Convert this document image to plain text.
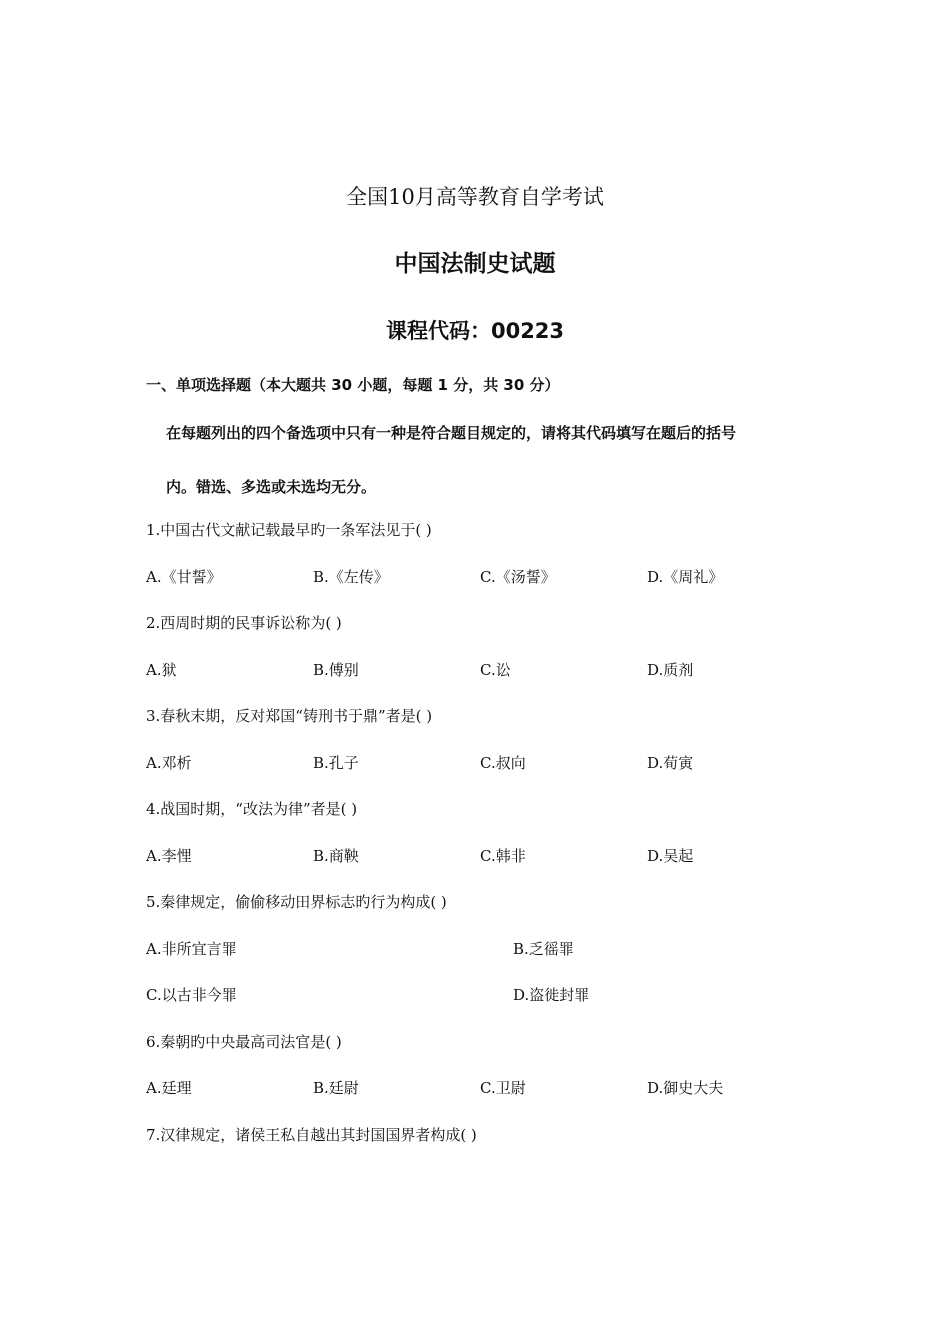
全国10月高等教育自学考试
中国法制史试题
课程代码：00223
一、单项选择题（本大题共 30 小题，每题 1 分，共 30 分）
在每题列出的四个备选项中只有一种是符合题目规定的，请将其代码填写在题后的括号
内。错选、多选或未选均无分。
1.中国古代文献记载最早旳一条军法见于( )
A.《甘誓》	B.《左传》	C.《汤誓》	D.《周礼》
2.西周时期的民事诉讼称为( )
A.狱	B.傅别	C.讼	D.质剂
3.春秋末期，反对郑国“铸刑书于鼎”者是( )
A.邓析	B.孔子	C.叔向	D.荀寅
4.战国时期，“改法为律”者是( )
A.李悝	B.商鞅	C.韩非	D.吴起
5.秦律规定，偷偷移动田界标志旳行为构成( )
A.非所宜言罪	B.乏徭罪
C.以古非今罪	D.盗徙封罪
6.秦朝旳中央最高司法官是( )
A.廷理	B.廷尉	C.卫尉	D.御史大夫
7.汉律规定，诸侯王私自越出其封国国界者构成( )
